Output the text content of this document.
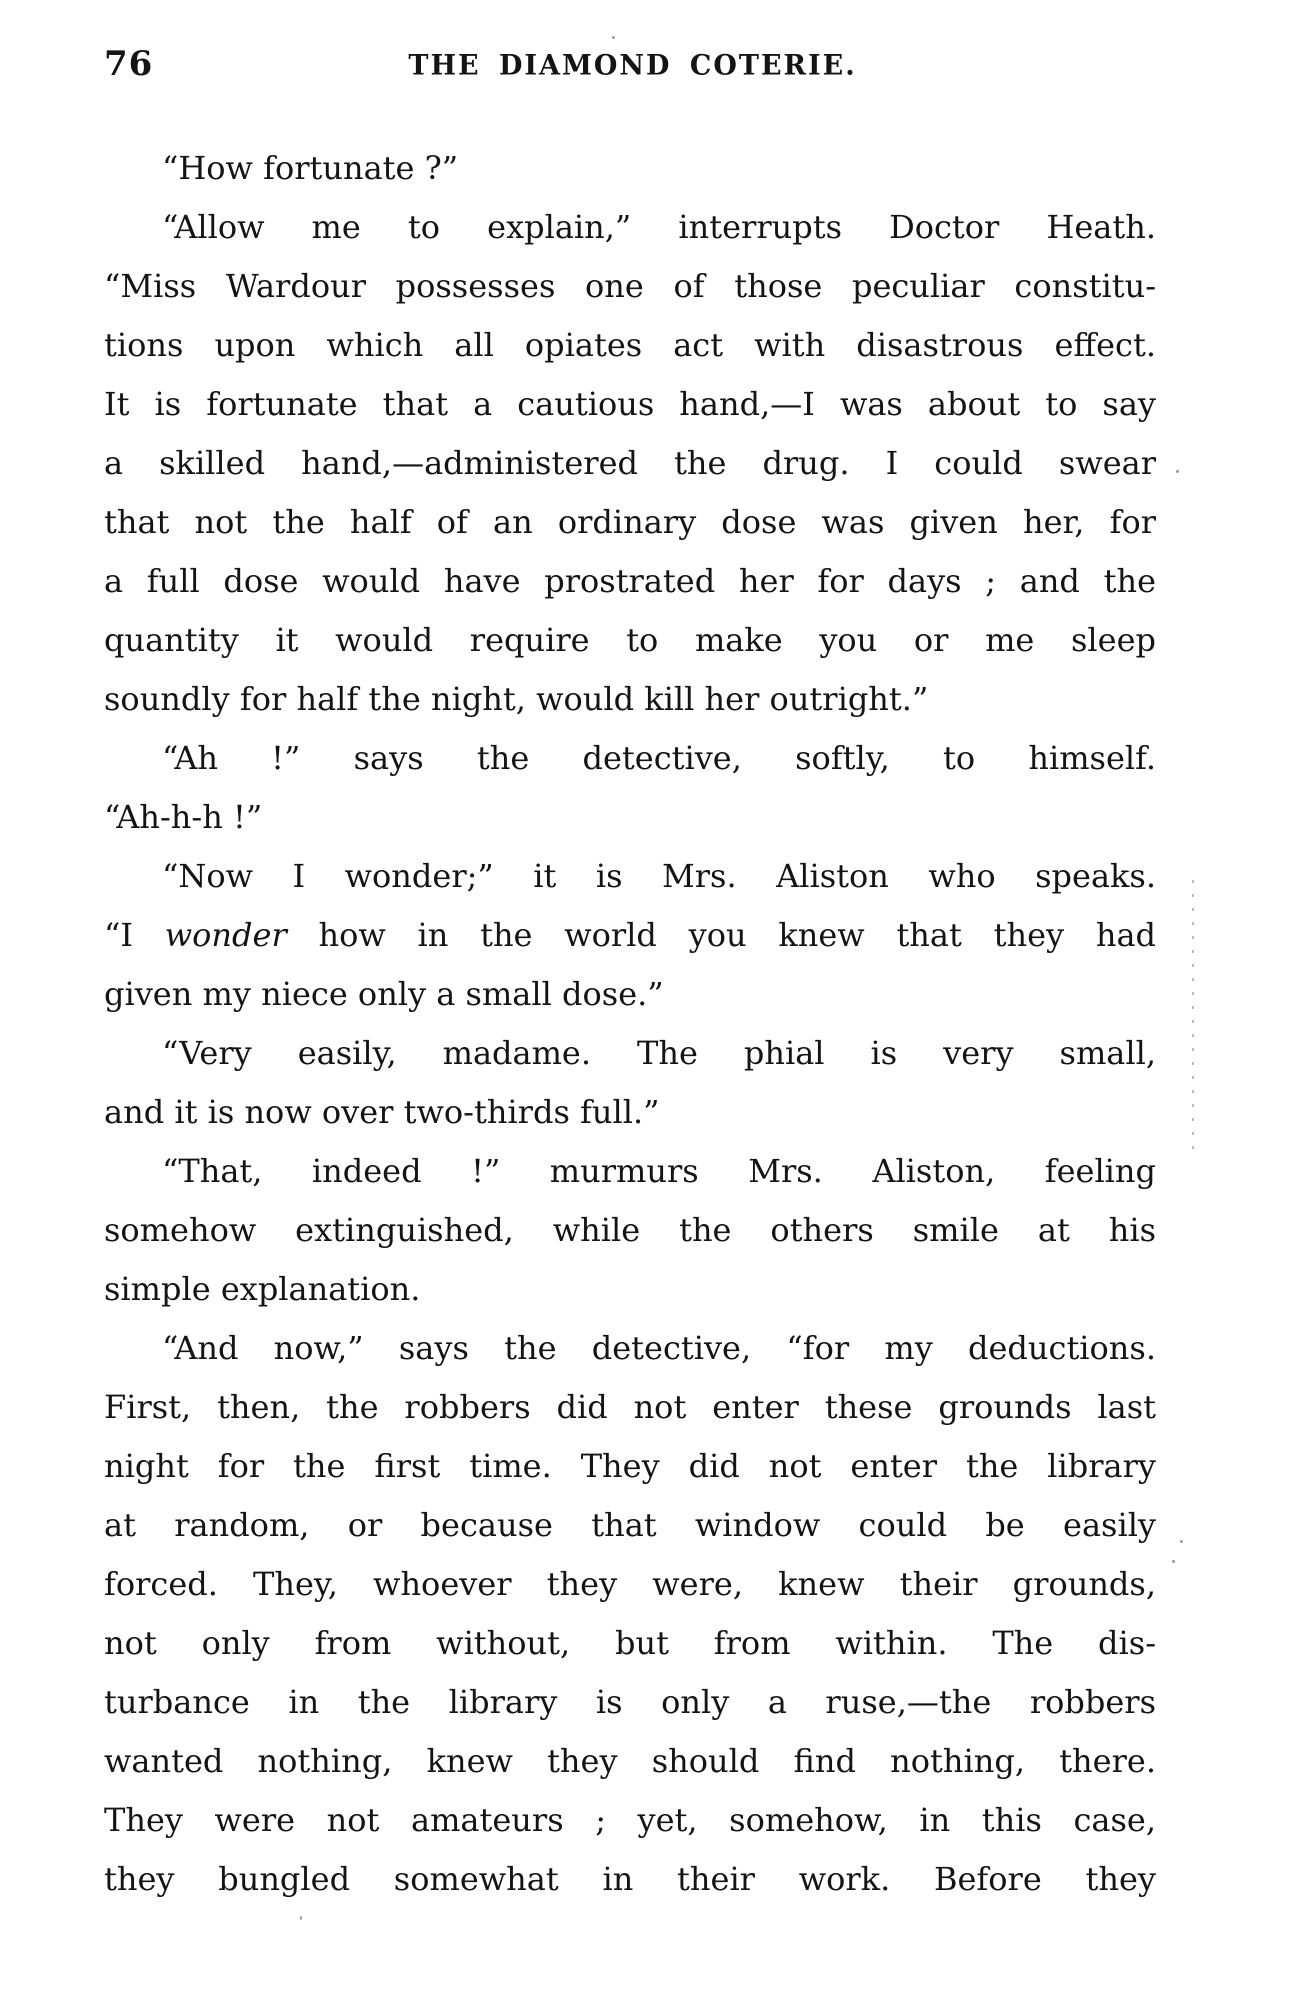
76	THE DIAMOND COTERIE.
“How fortunate ?”
“Allow me to explain,” interrupts Doctor Heath.
“Miss Wardour possesses one of those peculiar constitu-
tions upon which all opiates act with disastrous effect.
It is fortunate that a cautious hand,—I was about to say
a skilled hand,—administered the drug. I could swear
that not the half of an ordinary dose was given her, for
a full dose would have prostrated her for days ; and the
quantity it would require to make you or me sleep
soundly for half the night, would kill her outright.”
“Ah !” says the detective, softly, to himself.
“Ah-h-h !”
“Now I wonder;” it is Mrs. Aliston who speaks.
“I wonder how in the world you knew that they had
given my niece only a small dose.”
“Very easily, madame. The phial is very small,
and it is now over two-thirds full.”
“That, indeed !” murmurs Mrs. Aliston, feeling
somehow extinguished, while the others smile at his
simple explanation.
“And now,” says the detective, “for my deductions.
First, then, the robbers did not enter these grounds last
night for the first time. They did not enter the library
at random, or because that window could be easily
forced. They, whoever they were, knew their grounds,
not only from without, but from within. The dis-
turbance in the library is only a ruse,—the robbers
wanted nothing, knew they should find nothing, there.
They were not amateurs ; yet, somehow, in this case,
they bungled somewhat in their work. Before they
